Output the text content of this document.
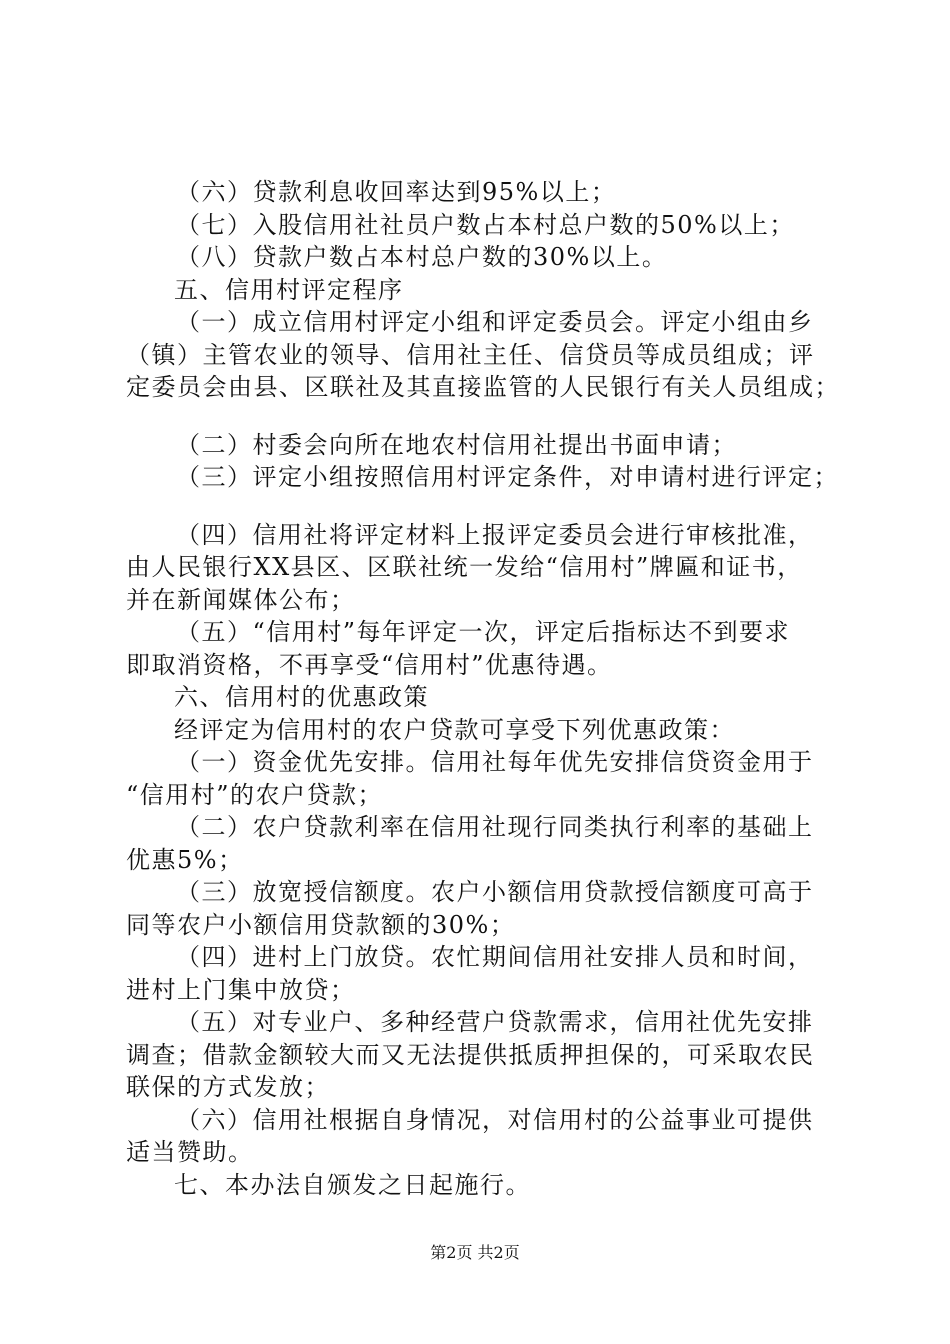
（六）贷款利息收回率达到95%以上；
（七）入股信用社社员户数占本村总户数的50%以上；
（八）贷款户数占本村总户数的30%以上。
五、信用村评定程序
（一）成立信用村评定小组和评定委员会。评定小组由乡
（镇）主管农业的领导、信用社主任、信贷员等成员组成；评
定委员会由县、区联社及其直接监管的人民银行有关人员组成；
（二）村委会向所在地农村信用社提出书面申请；
（三）评定小组按照信用村评定条件，对申请村进行评定；
（四）信用社将评定材料上报评定委员会进行审核批准，
由人民银行XX县区、区联社统一发给“信用村”牌匾和证书，
并在新闻媒体公布；
（五）“信用村”每年评定一次，评定后指标达不到要求
即取消资格，不再享受“信用村”优惠待遇。
六、信用村的优惠政策
经评定为信用村的农户贷款可享受下列优惠政策：
（一）资金优先安排。信用社每年优先安排信贷资金用于
“信用村”的农户贷款；
（二）农户贷款利率在信用社现行同类执行利率的基础上
优惠5%；
（三）放宽授信额度。农户小额信用贷款授信额度可高于
同等农户小额信用贷款额的30%；
（四）进村上门放贷。农忙期间信用社安排人员和时间，
进村上门集中放贷；
（五）对专业户、多种经营户贷款需求，信用社优先安排
调查；借款金额较大而又无法提供抵质押担保的，可采取农民
联保的方式发放；
（六）信用社根据自身情况，对信用村的公益事业可提供
适当赞助。
七、本办法自颁发之日起施行。
第2页 共2页
